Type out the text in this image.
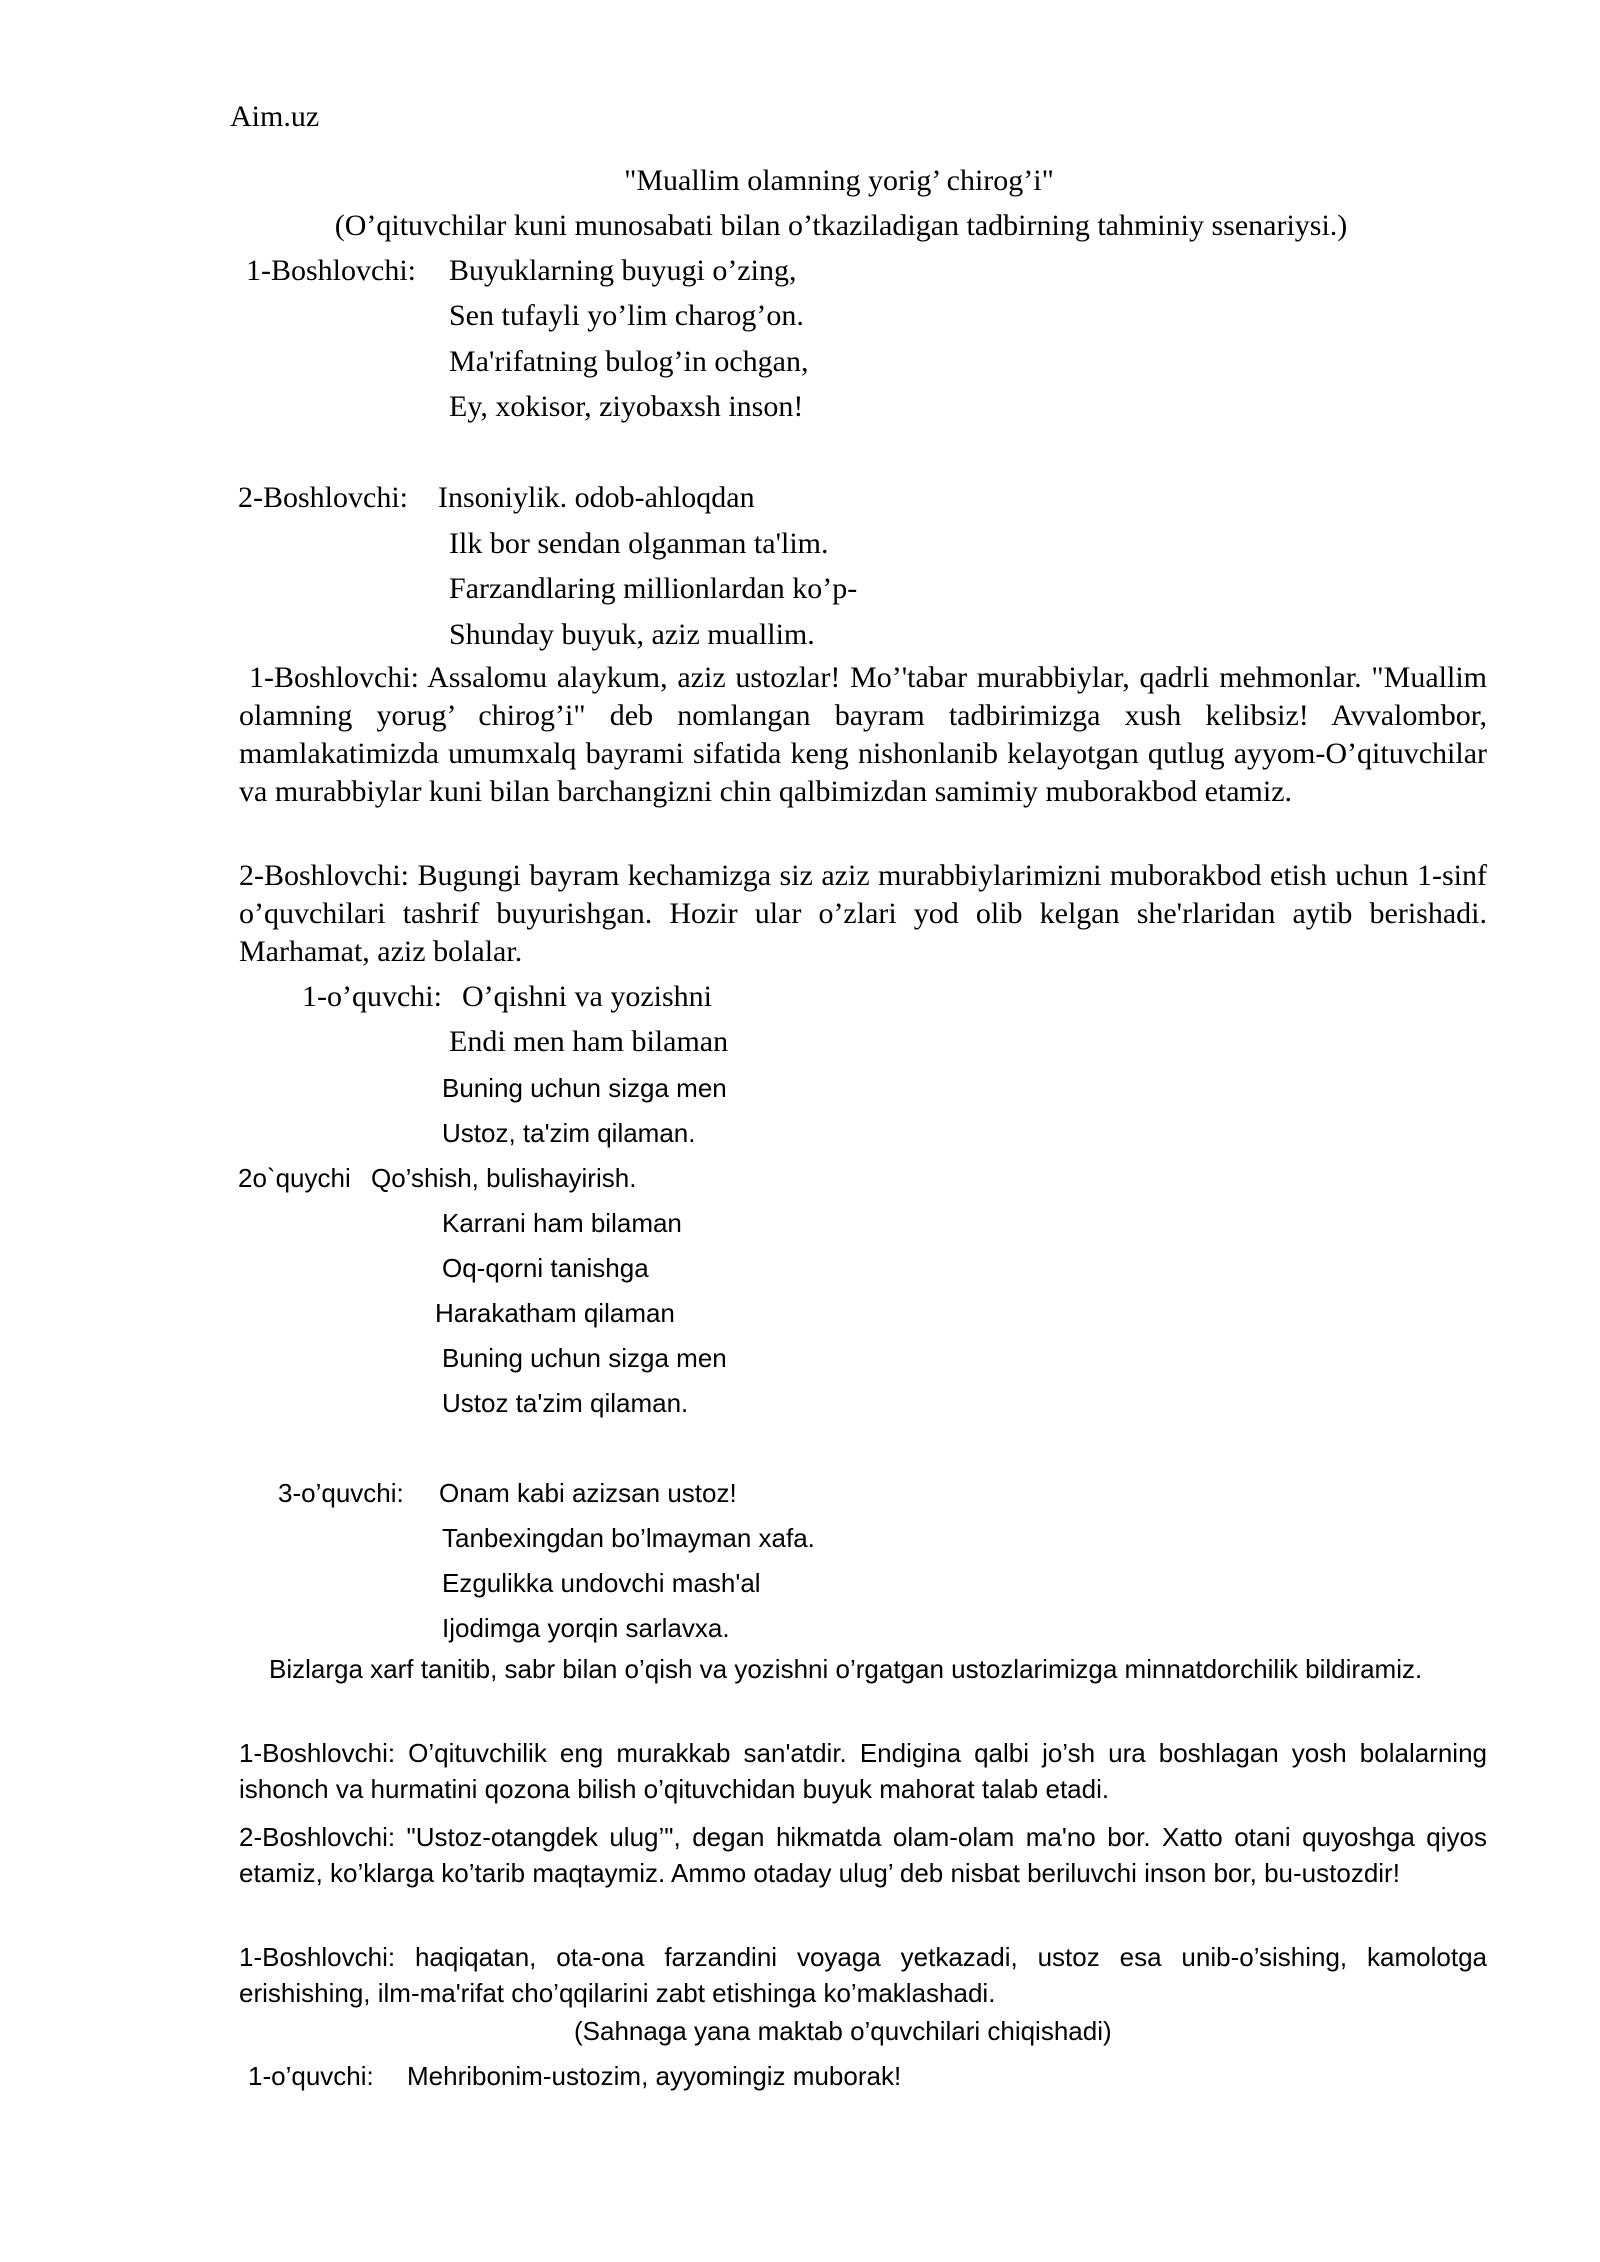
Aim.uz
"Muallim olamning yorig’ chirog’i"
(O’qituvchilar kuni munosabati bilan o’tkaziladigan tadbirning tahminiy ssenariysi.)
1-Boshlovchi: Buyuklarning buyugi o’zing,
Sen tufayli yo’lim charog’on.
Ma'rifatning bulog’in ochgan,
Ey, xokisor, ziyobaxsh inson!
2-Boshlovchi: Insoniylik. odob-ahloqdan
Ilk bor sendan olganman ta'lim.
Farzandlaring millionlardan ko’p-
Shunday buyuk, aziz muallim.
1-Boshlovchi: Assalomu alaykum, aziz ustozlar! Mo’'tabar murabbiylar, qadrli mehmonlar. "Muallim olamning yorug’ chirog’i" deb nomlangan bayram tadbirimizga xush kelibsiz! Avvalombor, mamlakatimizda umumxalq bayrami sifatida keng nishonlanib kelayotgan qutlug ayyom-O’qituvchilar va murabbiylar kuni bilan barchangizni chin qalbimizdan samimiy muborakbod etamiz.
2-Boshlovchi: Bugungi bayram kechamizga siz aziz murabbiylarimizni muborakbod etish uchun 1-sinf o’quvchilari tashrif buyurishgan. Hozir ular o’zlari yod olib kelgan she'rlaridan aytib berishadi. Marhamat, aziz bolalar.
1-o’quvchi: O’qishni va yozishni
Endi men ham bilaman
Buning uchun sizga men
Ustoz, ta'zim qilaman.
2o`quychi Qo’shish, bulishayirish.
Karrani ham bilaman
Oq-qorni tanishga
Harakatham qilaman
Buning uchun sizga men
Ustoz ta'zim qilaman.
3-o’quvchi: Onam kabi azizsan ustoz!
Tanbexingdan bo’lmayman xafa.
Ezgulikka undovchi mash'al
Ijodimga yorqin sarlavxa.
Bizlarga xarf tanitib, sabr bilan o’qish va yozishni o’rgatgan ustozlarimizga minnatdorchilik bildiramiz.
1-Boshlovchi: O’qituvchilik eng murakkab san'atdir. Endigina qalbi jo’sh ura boshlagan yosh bolalarning ishonch va hurmatini qozona bilish o’qituvchidan buyuk mahorat talab etadi.
2-Boshlovchi: "Ustoz-otangdek ulug’", degan hikmatda olam-olam ma'no bor. Xatto otani quyoshga qiyos etamiz, ko’klarga ko’tarib maqtaymiz. Ammo otaday ulug’ deb nisbat beriluvchi inson bor, bu-ustozdir!
1-Boshlovchi: haqiqatan, ota-ona farzandini voyaga yetkazadi, ustoz esa unib-o’sishing, kamolotga erishishing, ilm-ma'rifat cho’qqilarini zabt etishinga ko’maklashadi.
(Sahnaga yana maktab o’quvchilari chiqishadi)
1-o’quvchi: Mehribonim-ustozim, ayyomingiz muborak!
